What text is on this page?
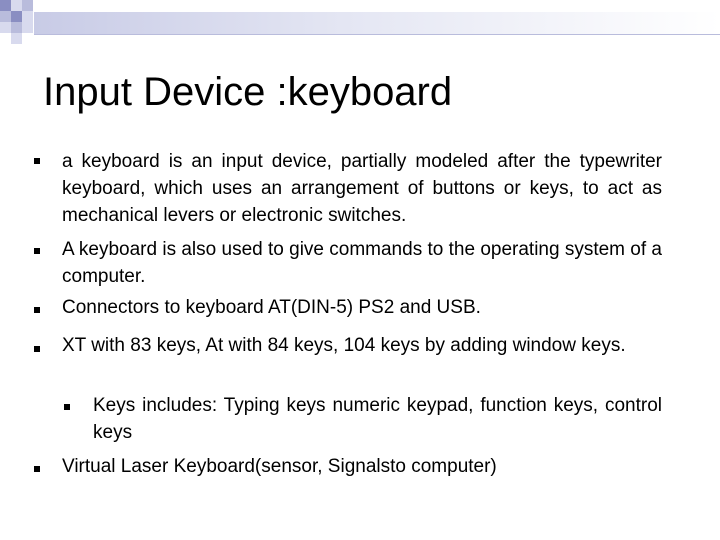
Input Device :keyboard
a keyboard is an input device, partially modeled after the typewriter keyboard, which uses an arrangement of buttons or keys, to act as mechanical levers or electronic switches.
A keyboard is also used to give commands to the operating system of a computer.
Connectors to keyboard AT(DIN-5) PS2 and USB.
XT with 83 keys, At with 84 keys, 104 keys by adding window keys.
Keys includes: Typing keys numeric keypad, function keys, control keys
Virtual Laser Keyboard(sensor, Signalsto computer)
